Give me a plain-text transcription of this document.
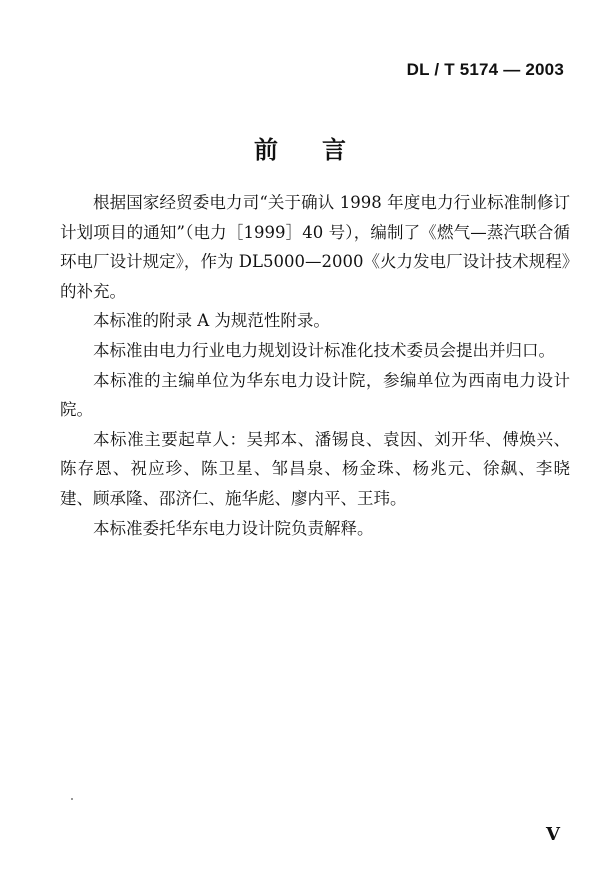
DL / T 5174 — 2003
前 言

根据国家经贸委电力司“关于确认 1998 年度电力行业标准制修订计划项目的通知”（电力［1999］40 号），编制了《燃气—蒸汽联合循环电厂设计规定》，作为 DL5000—2000《火力发电厂设计技术规程》的补充。

本标准的附录 A 为规范性附录。

本标准由电力行业电力规划设计标准化技术委员会提出并归口。

本标准的主编单位为华东电力设计院，参编单位为西南电力设计院。

本标准主要起草人：吴邦本、潘锡良、袁因、刘开华、傅焕兴、陈存恩、祝应珍、陈卫星、邹昌泉、杨金珠、杨兆元、徐飙、李晓建、顾承隆、邵济仁、施华彪、廖内平、王玮。

本标准委托华东电力设计院负责解释。

V
